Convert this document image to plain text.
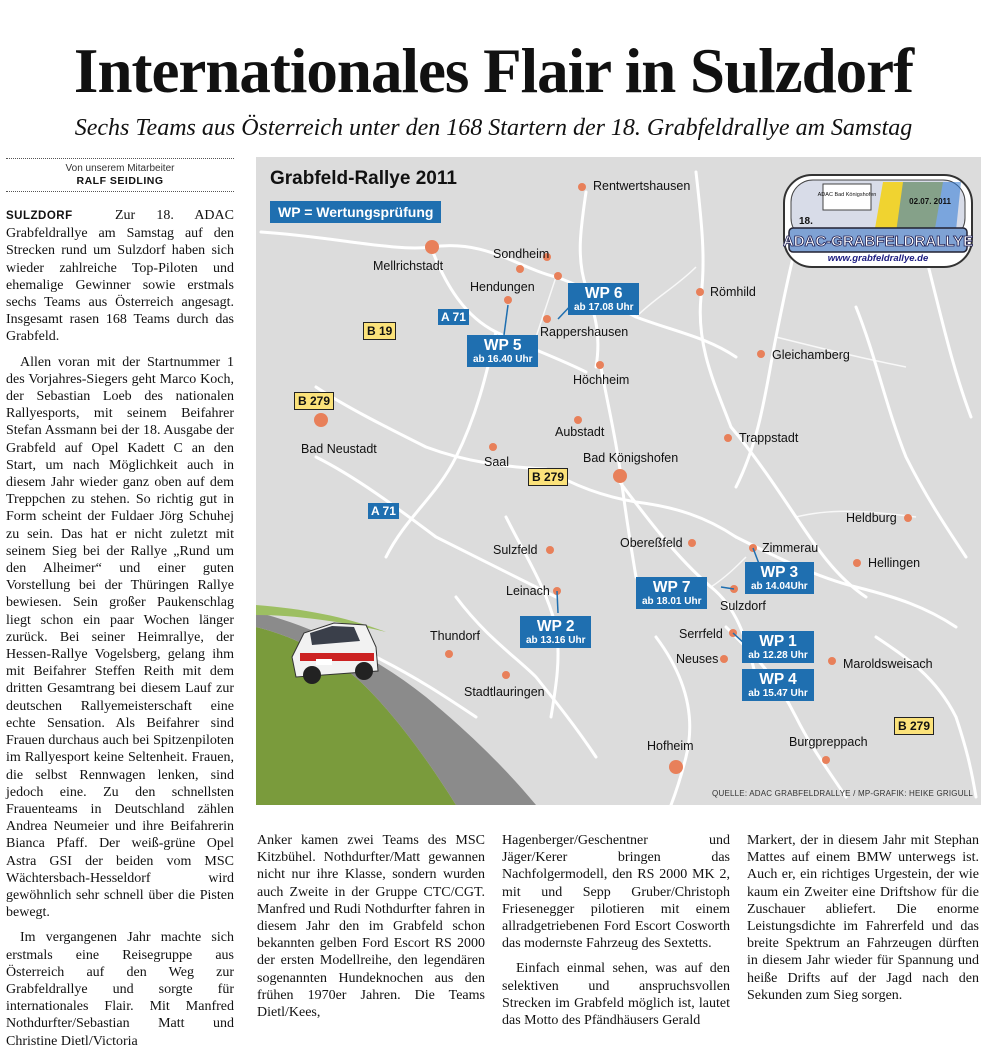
Internationales Flair in Sulzdorf
Sechs Teams aus Österreich unter den 168 Startern der 18. Grabfeldrallye am Samstag
Von unserem Mitarbeiter
RALF SEIDLING

SULZDORF	Zur 18. ADAC Grabfeldrallye am Samstag auf den Strecken rund um Sulzdorf haben sich wieder zahlreiche Top-Piloten und ehemalige Gewinner sowie erstmals sechs Teams aus Österreich angesagt. Insgesamt rasen 168 Teams durch das Grabfeld.

Allen voran mit der Startnummer 1 des Vorjahres-Siegers geht Marco Koch, der Sebastian Loeb des nationalen Rallyesports, mit seinem Beifahrer Stefan Assmann bei der 18. Ausgabe der Grabfeld auf Opel Kadett C an den Start, um nach Möglichkeit auch in diesem Jahr wieder ganz oben auf dem Treppchen zu stehen. So richtig gut in Form scheint der Fuldaer Jörg Schuhej zu sein. Das hat er nicht zuletzt mit seinem Sieg bei der Rallye „Rund um den Alheimer“ und einer guten Vorstellung bei der Thüringen Rallye bewiesen. Sein großer Paukenschlag liegt schon ein paar Wochen länger zurück. Bei seiner Heimrallye, der Hessen-Rallye Vogelsberg, gelang ihm mit Beifahrer Steffen Reith mit dem dritten Gesamtrang bei diesem Lauf zur deutschen Rallyemeisterschaft eine echte Sensation. Als Beifahrer sind Frauen durchaus auch bei Spitzenpiloten im Rallyesport keine Seltenheit. Frauen, die selbst Rennwagen lenken, sind jedoch eine. Zu den schnellsten Frauenteams in Deutschland zählen Andrea Neumeier und ihre Beifahrerin Bianca Pfaff. Der weiß-grüne Opel Astra GSI der beiden vom MSC Wächtersbach-Hesseldorf wird gewöhnlich sehr schnell über die Pisten bewegt.

Im vergangenen Jahr machte sich erstmals eine Reisegruppe aus Österreich auf den Weg zur Grabfeldrallye und sorgte für internationales Flair. Mit Manfred Nothdurfter/Sebastian Matt und Christine Dietl/Victoria

Grabfeld-Rallye 2011
WP = Wertungsprüfung
18.
ADAC Bad Königshofen
02.07. 2011
ADAC-GRABFELDRALLYE
www.grabfeldrallye.de
Rentwertshausen
Mellrichstadt
Sondheim
Hendungen	Römhild
Rappershausen
Gleichamberg
Höchheim
Aubstadt	Trappstadt
Bad Neustadt
Saal	Bad Königshofen
Heldburg
Sulzfeld	Obereßfeld	Zimmerau
Hellingen
Leinach
Sulzdorf
Serrfeld
Neuses	Maroldsweisach
Thundorf
Stadtlauringen
Hofheim	Burgpreppach
B 19
A 71
B 279
B 279
A 71
B 279
WP 6
ab 17.08 Uhr
WP 5
ab 16.40 Uhr
WP 7
ab 18.01 Uhr
WP 3
ab 14.04Uhr
WP 2
ab 13.16 Uhr	WP 1
ab 12.28 Uhr
WP 4
ab 15.47 Uhr
QUELLE: ADAC GRABFELDRALLYE / MP-GRAFIK: HEIKE GRIGULL

Anker kamen zwei Teams des MSC Kitzbühel. Nothdurfter/Matt gewannen nicht nur ihre Klasse, sondern wurden auch Zweite in der Gruppe CTC/CGT. Manfred und Rudi Nothdurfter fahren in diesem Jahr den im Grabfeld schon bekannten gelben Ford Escort RS 2000 der ersten Modellreihe, den legendären sogenannten Hundeknochen aus den frühen 1970er Jahren. Die Teams Dietl/Kees,

Hagenberger/Geschentner und Jäger/Kerer bringen das Nachfolgermodell, den RS 2000 MK 2, mit und Sepp Gruber/Christoph Friesenegger pilotieren mit einem allradgetriebenen Ford Escort Cosworth das modernste Fahrzeug des Sextetts.

Einfach einmal sehen, was auf den selektiven und anspruchsvollen Strecken im Grabfeld möglich ist, lautet das Motto des Pfändhäusers Gerald

Markert, der in diesem Jahr mit Stephan Mattes auf einem BMW unterwegs ist. Auch er, ein richtiges Urgestein, der wie kaum ein Zweiter eine Driftshow für die Zuschauer abliefert. Die enorme Leistungsdichte im Fahrerfeld und das breite Spektrum an Fahrzeugen dürften in diesem Jahr wieder für Spannung und heiße Drifts auf der Jagd nach den Sekunden zum Sieg sorgen.
